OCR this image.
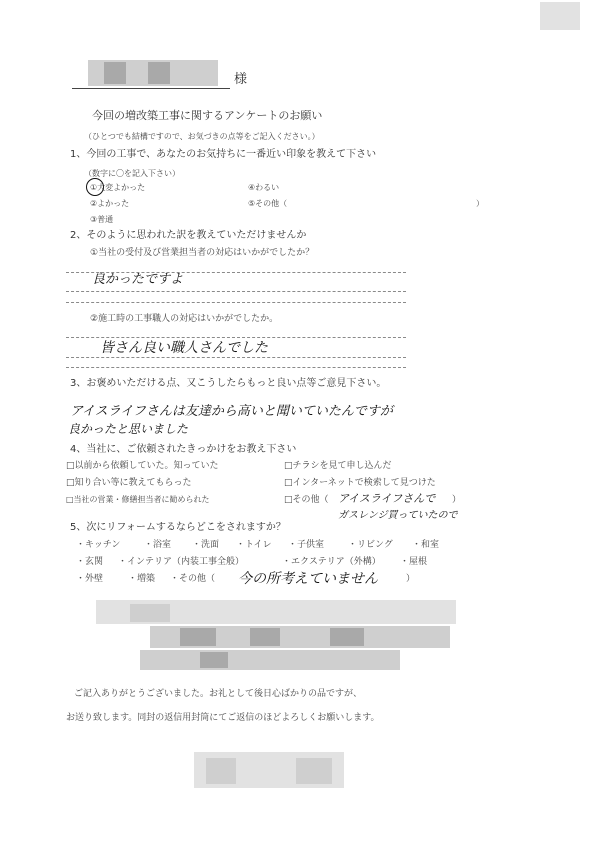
様
今回の増改築工事に関するアンケートのお願い
（ひとつでも結構ですので、お気づきの点等をご記入ください。）
1、今回の工事で、あなたのお気持ちに一番近い印象を教えて下さい
（数字に〇を記入下さい）
①大変よかった
②よかった
③普通
④わるい
⑤その他（	）
2、そのように思われた訳を教えていただけませんか
①当社の受付及び営業担当者の対応はいかがでしたか？
良かったですよ
②施工時の工事職人の対応はいかがでしたか。
皆さん良い職人さんでした
3、お褒めいただける点、又こうしたらもっと良い点等ご意見下さい。
アイスライフさんは友達から高いと聞いていたんですが
良かったと思いました
4、当社に、ご依頼されたきっかけをお教え下さい
□以前から依頼していた。知っていた	□チラシを見て申し込んだ
□知り合い等に教えてもらった	□インターネットで検索して見つけた
□当社の営業・修繕担当者に勧められた	□その他（ アイスライフさんで ）
ガスレンジ買っていたので
5、次にリフォームするならどこをされますか？
・キッチン	・浴室 ・洗面 ・トイレ ・子供室	・リビング ・和室
・玄関 ・インテリア（内装工事全般）	・エクステリア（外構） ・屋根
・外壁	・増築 ・その他（ 今の所考えていません	）
ご記入ありがとうございました。お礼として後日心ばかりの品ですが、
お送り致します。同封の返信用封筒にてご返信のほどよろしくお願いします。
